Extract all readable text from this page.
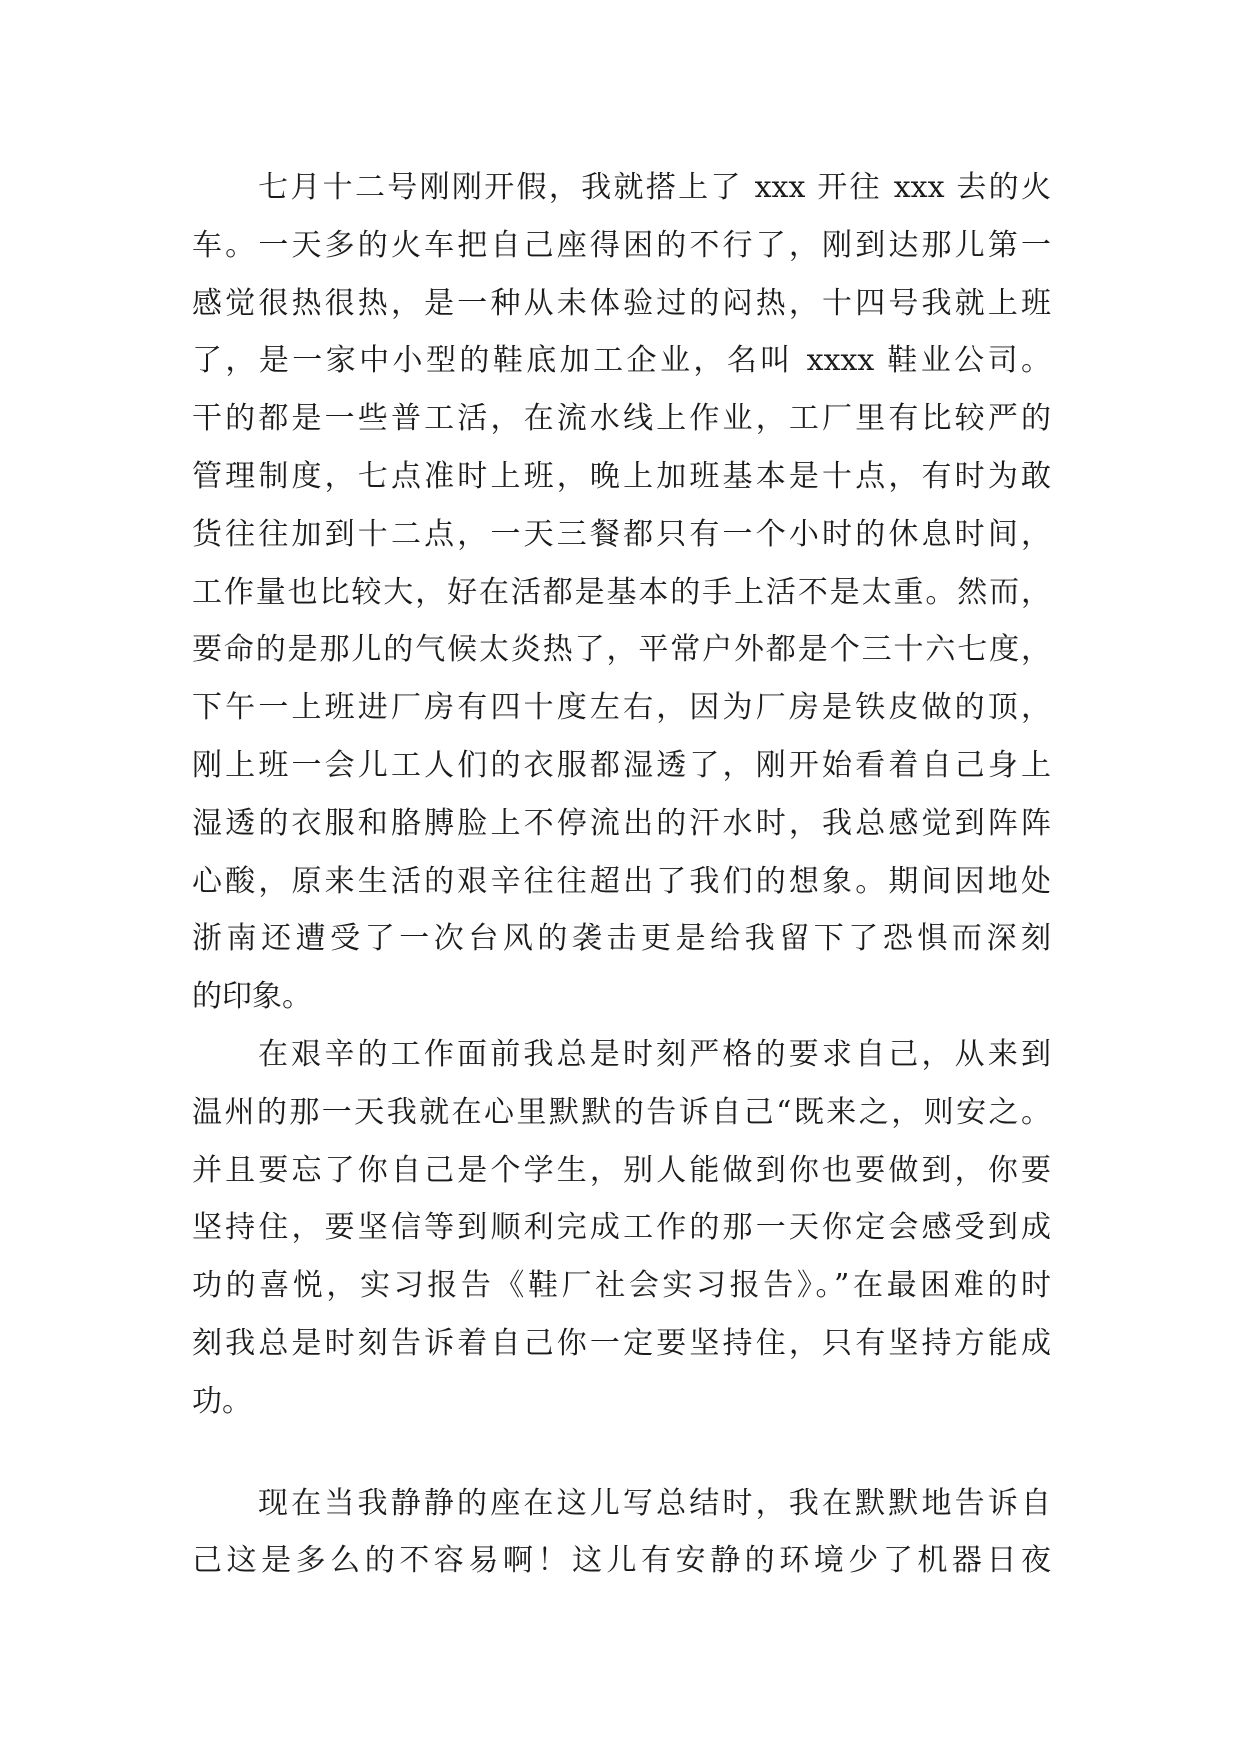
七月十二号刚刚开假，我就搭上了 xxx 开往 xxx 去的火
车。一天多的火车把自己座得困的不行了，刚到达那儿第一
感觉很热很热，是一种从未体验过的闷热，十四号我就上班
了，是一家中小型的鞋底加工企业，名叫 xxxx 鞋业公司。
干的都是一些普工活，在流水线上作业，工厂里有比较严的
管理制度，七点准时上班，晚上加班基本是十点，有时为敢
货往往加到十二点，一天三餐都只有一个小时的休息时间，
工作量也比较大，好在活都是基本的手上活不是太重。然而，
要命的是那儿的气候太炎热了，平常户外都是个三十六七度，
下午一上班进厂房有四十度左右，因为厂房是铁皮做的顶，
刚上班一会儿工人们的衣服都湿透了，刚开始看着自己身上
湿透的衣服和胳膊脸上不停流出的汗水时，我总感觉到阵阵
心酸，原来生活的艰辛往往超出了我们的想象。期间因地处
浙南还遭受了一次台风的袭击更是给我留下了恐惧而深刻
的印象。
在艰辛的工作面前我总是时刻严格的要求自己，从来到
温州的那一天我就在心里默默的告诉自己“既来之，则安之。
并且要忘了你自己是个学生，别人能做到你也要做到，你要
坚持住，要坚信等到顺利完成工作的那一天你定会感受到成
功的喜悦，实习报告《鞋厂社会实习报告》。”在最困难的时
刻我总是时刻告诉着自己你一定要坚持住，只有坚持方能成
功。
现在当我静静的座在这儿写总结时，我在默默地告诉自
己这是多么的不容易啊！这儿有安静的环境少了机器日夜
